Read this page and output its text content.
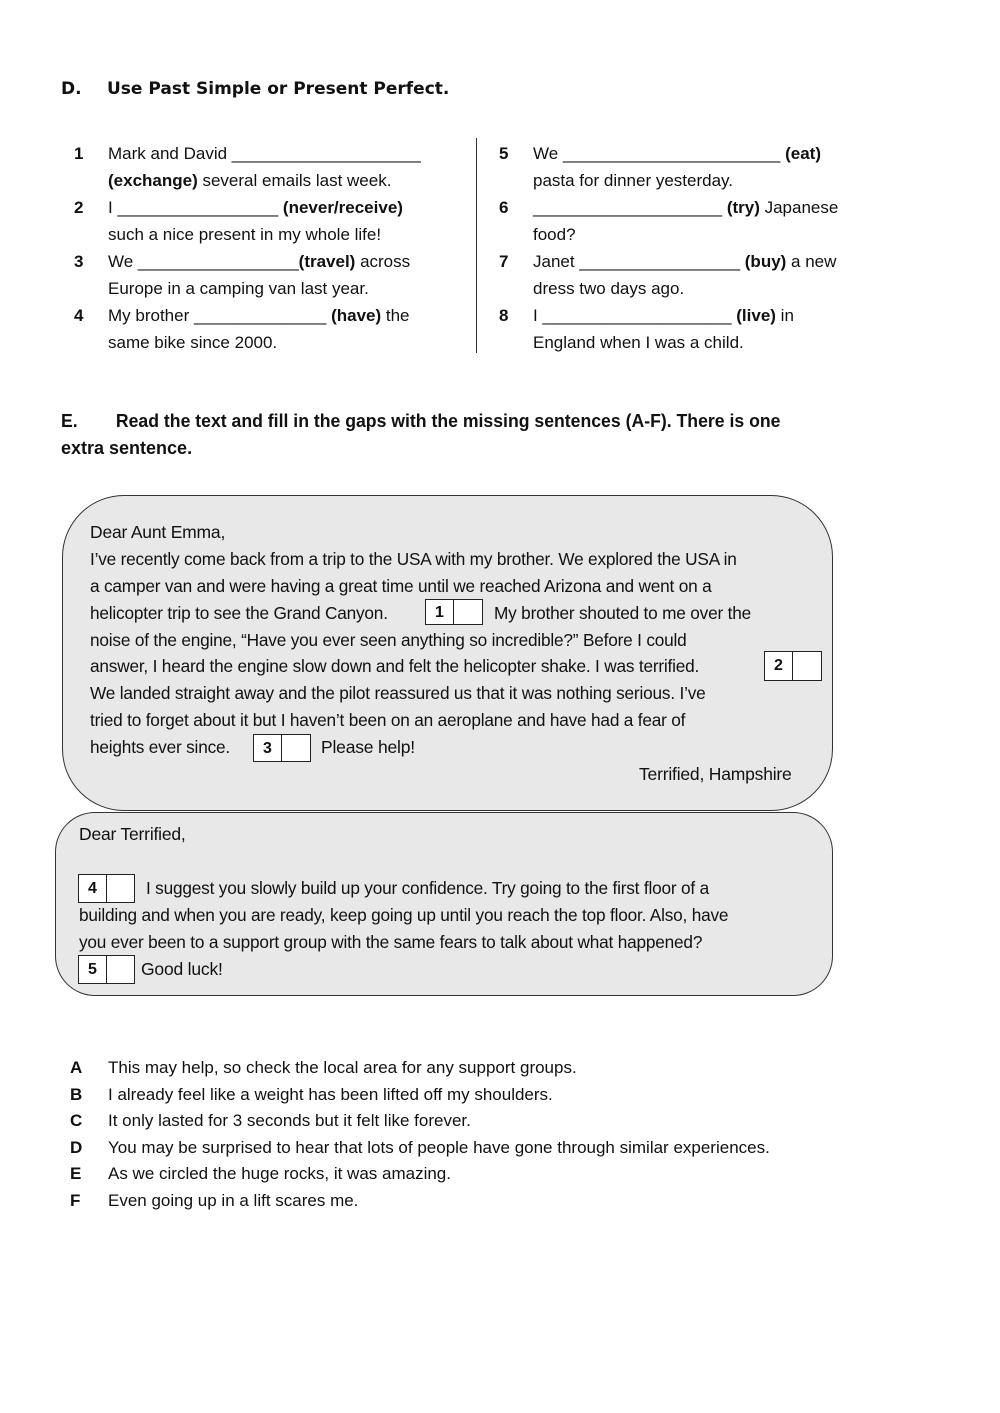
D. Use Past Simple or Present Perfect.
1	Mark and David ____________________
(exchange) several emails last week.
2	I _________________ (never/receive)
such a nice present in my whole life!
3	We _________________(travel) across
Europe in a camping van last year.
4	My brother ______________ (have) the
same bike since 2000.
5	We _______________________ (eat)
pasta for dinner yesterday.
6	____________________ (try) Japanese
food?
7	Janet _________________ (buy) a new
dress two days ago.
8	I ____________________ (live) in
England when I was a child.
E. Read the text and fill in the gaps with the missing sentences (A-F). There is one
extra sentence.
Dear Aunt Emma,
I’ve recently come back from a trip to the USA with my brother. We explored the USA in
a camper van and were having a great time until we reached Arizona and went on a
helicopter trip to see the Grand Canyon.	1	My brother shouted to me over the
noise of the engine, “Have you ever seen anything so incredible?” Before I could
answer, I heard the engine slow down and felt the helicopter shake. I was terrified.	2
We landed straight away and the pilot reassured us that it was nothing serious. I’ve
tried to forget about it but I haven’t been on an aeroplane and have had a fear of
heights ever since.	3	Please help!
Terrified, Hampshire
Dear Terrified,
4	I suggest you slowly build up your confidence. Try going to the first floor of a
building and when you are ready, keep going up until you reach the top floor. Also, have
you ever been to a support group with the same fears to talk about what happened?
5	Good luck!
A This may help, so check the local area for any support groups.
B I already feel like a weight has been lifted off my shoulders.
C It only lasted for 3 seconds but it felt like forever.
D You may be surprised to hear that lots of people have gone through similar experiences.
E As we circled the huge rocks, it was amazing.
F Even going up in a lift scares me.
